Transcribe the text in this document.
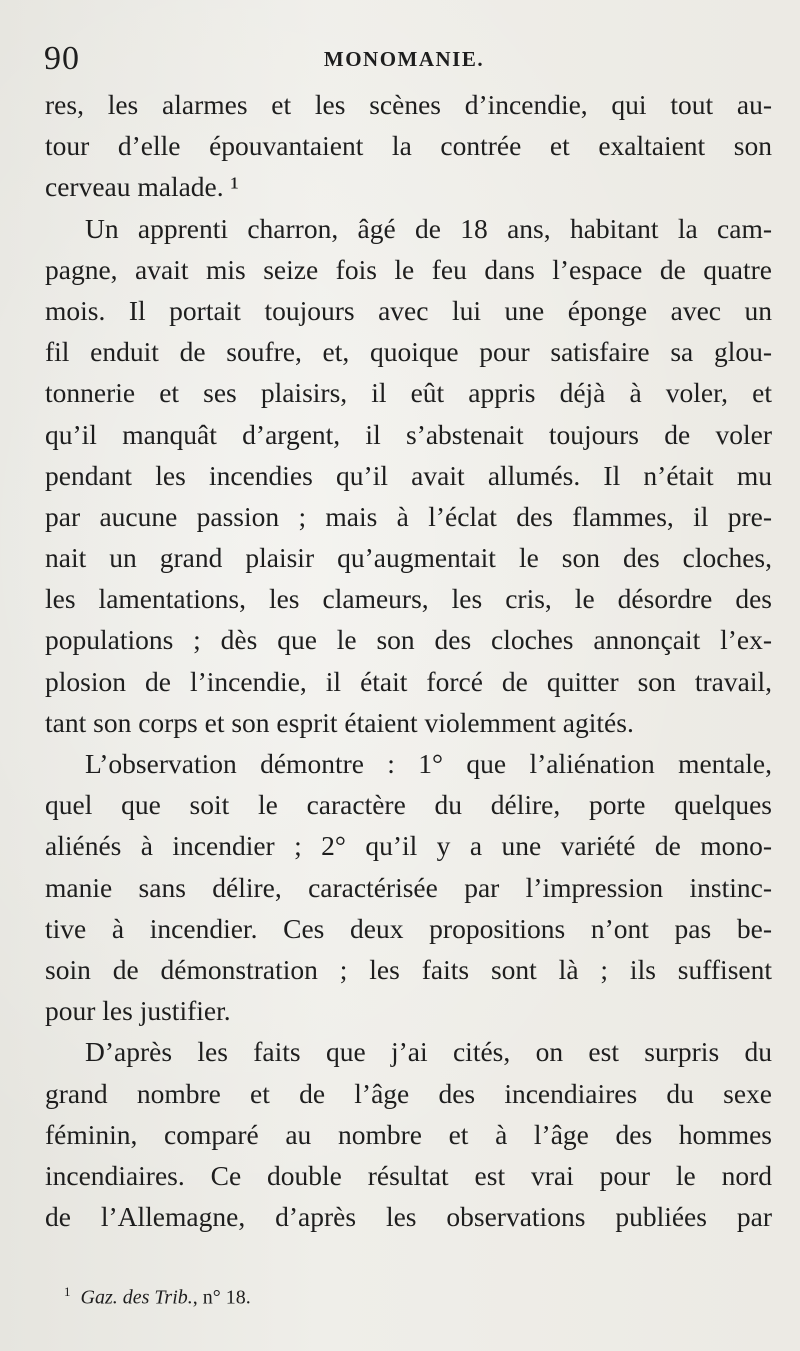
90	MONOMANIE.
res, les alarmes et les scènes d’incendie, qui tout au-
tour d’elle épouvantaient la contrée et exaltaient son
cerveau malade. ¹
Un apprenti charron, âgé de 18 ans, habitant la cam-
pagne, avait mis seize fois le feu dans l’espace de quatre
mois. Il portait toujours avec lui une éponge avec un
fil enduit de soufre, et, quoique pour satisfaire sa glou-
tonnerie et ses plaisirs, il eût appris déjà à voler, et
qu’il manquât d’argent, il s’abstenait toujours de voler
pendant les incendies qu’il avait allumés. Il n’était mu
par aucune passion ; mais à l’éclat des flammes, il pre-
nait un grand plaisir qu’augmentait le son des cloches,
les lamentations, les clameurs, les cris, le désordre des
populations ; dès que le son des cloches annonçait l’ex-
plosion de l’incendie, il était forcé de quitter son travail,
tant son corps et son esprit étaient violemment agités.
L’observation démontre : 1° que l’aliénation mentale,
quel que soit le caractère du délire, porte quelques
aliénés à incendier ; 2° qu’il y a une variété de mono-
manie sans délire, caractérisée par l’impression instinc-
tive à incendier. Ces deux propositions n’ont pas be-
soin de démonstration ; les faits sont là ; ils suffisent
pour les justifier.
D’après les faits que j’ai cités, on est surpris du
grand nombre et de l’âge des incendiaires du sexe
féminin, comparé au nombre et à l’âge des hommes
incendiaires. Ce double résultat est vrai pour le nord
de l’Allemagne, d’après les observations publiées par
$^1$ Gaz. des Trib., n° 18.
